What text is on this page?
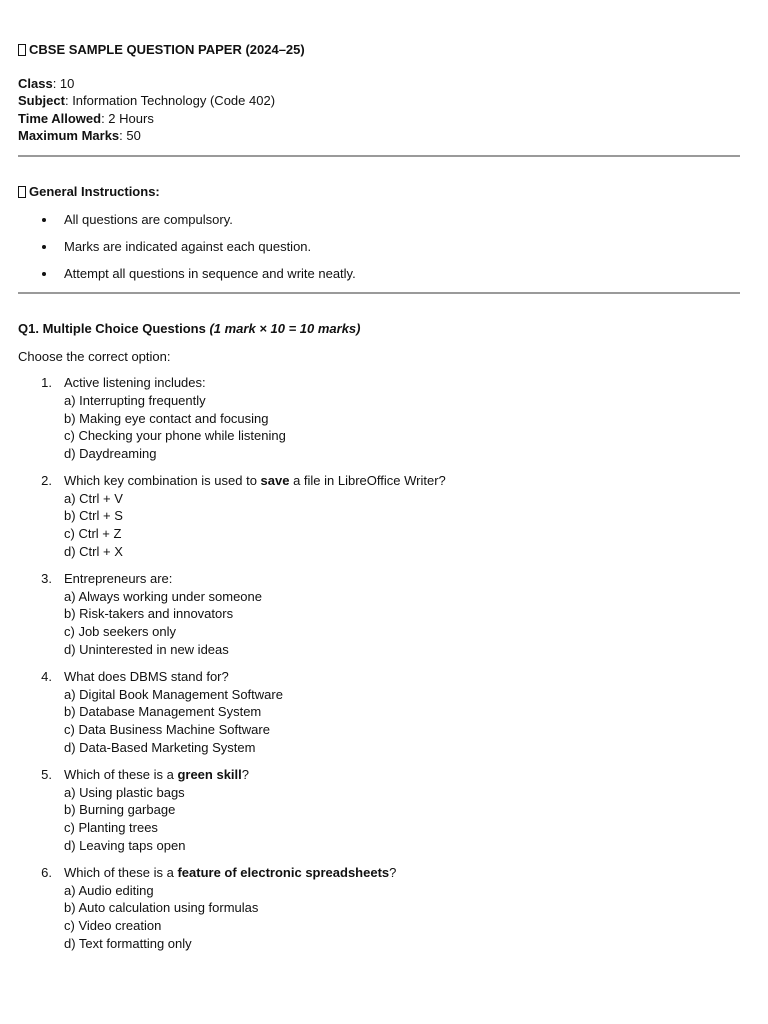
CBSE SAMPLE QUESTION PAPER (2024–25)

Class: 10

Subject: Information Technology (Code 402)

Time Allowed: 2 Hours

Maximum Marks: 50

General Instructions:
All questions are compulsory.
Marks are indicated against each question.
Attempt all questions in sequence and write neatly.

Q1. Multiple Choice Questions (1 mark × 10 = 10 marks)

Choose the correct option:

1. Active listening includes:

a) Interrupting frequently

b) Making eye contact and focusing

c) Checking your phone while listening

d) Daydreaming

2. Which key combination is used to save a file in LibreOffice Writer?

a) Ctrl + V

b) Ctrl + S

c) Ctrl + Z

d) Ctrl + X

3. Entrepreneurs are:

a) Always working under someone

b) Risk-takers and innovators

c) Job seekers only

d) Uninterested in new ideas

4. What does DBMS stand for?

a) Digital Book Management Software

b) Database Management System

c) Data Business Machine Software

d) Data-Based Marketing System

5. Which of these is a green skill?

a) Using plastic bags

b) Burning garbage

c) Planting trees

d) Leaving taps open

6. Which of these is a feature of electronic spreadsheets?

a) Audio editing

b) Auto calculation using formulas

c) Video creation

d) Text formatting only
